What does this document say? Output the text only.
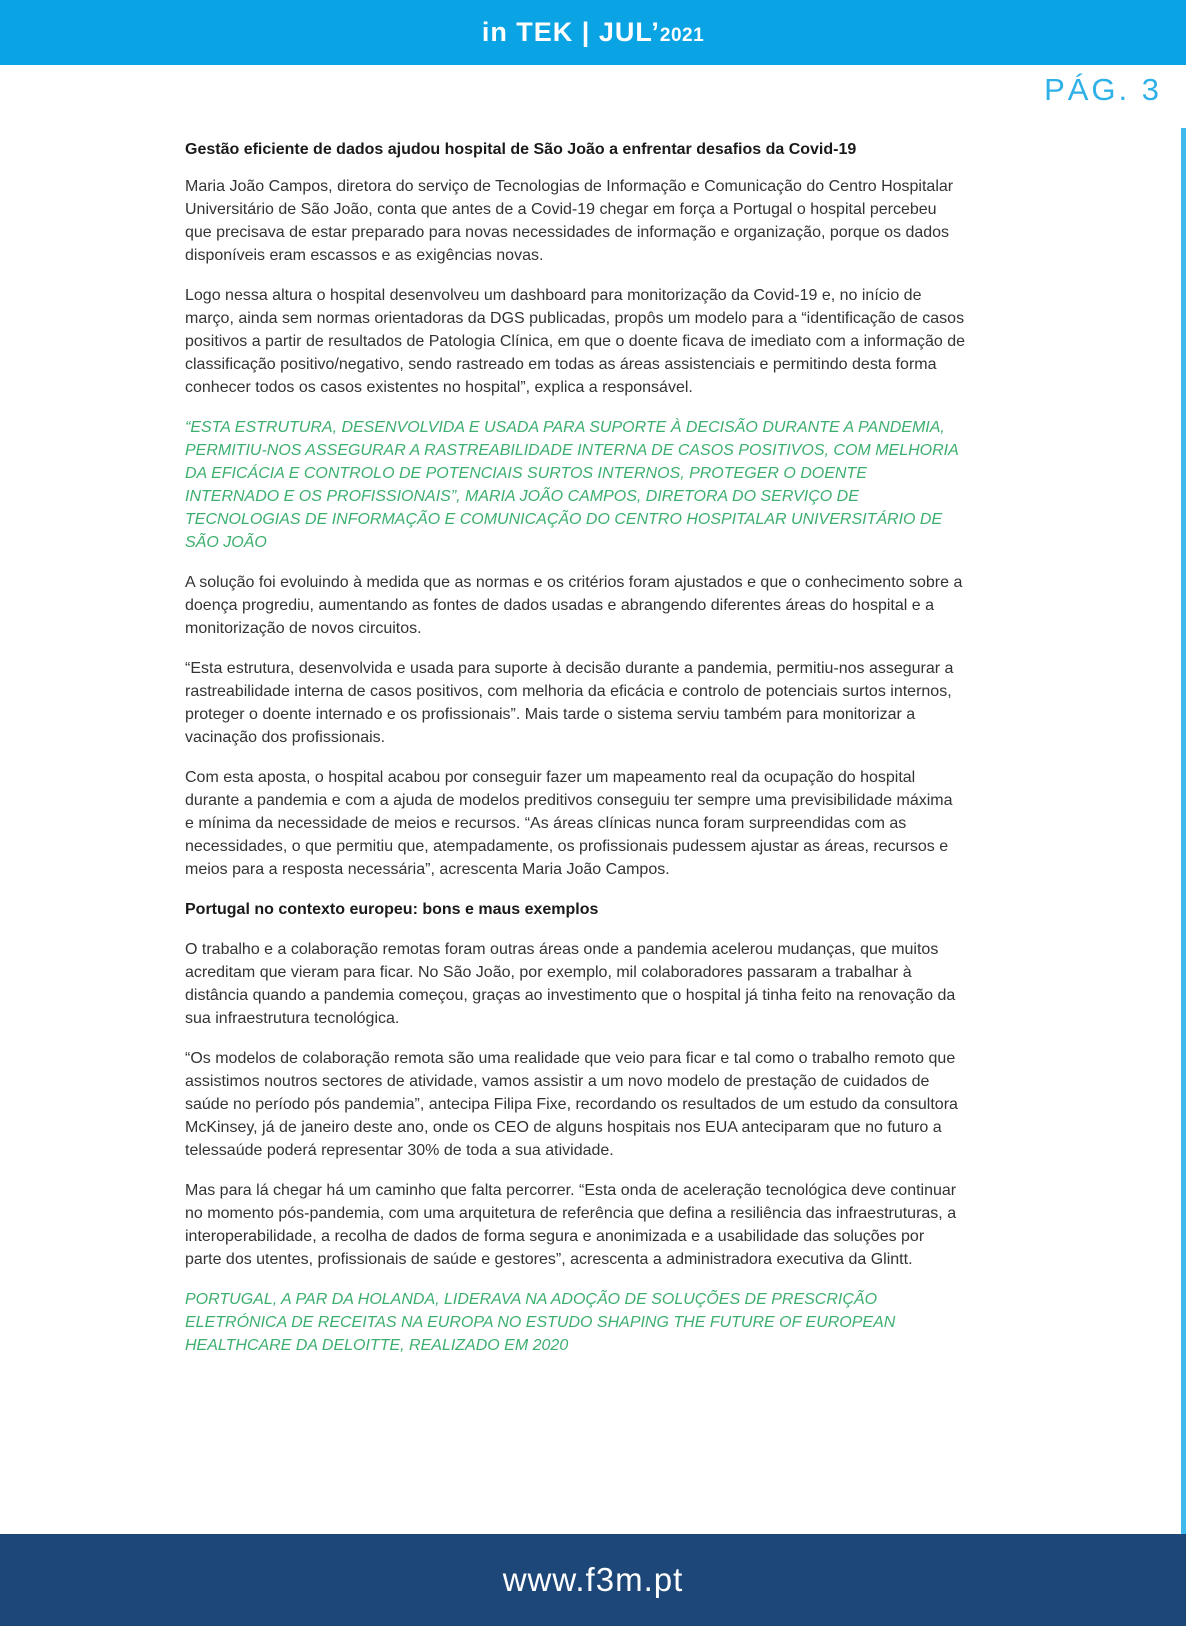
in TEK | JUL’2021
PÁG. 3
Gestão eficiente de dados ajudou hospital de São João a enfrentar desafios da Covid-19

Maria João Campos, diretora do serviço de Tecnologias de Informação e Comunicação do Centro Hospitalar Universitário de São João, conta que antes de a Covid-19 chegar em força a Portugal o hospital percebeu que precisava de estar preparado para novas necessidades de informação e organização, porque os dados disponíveis eram escassos e as exigências novas.

Logo nessa altura o hospital desenvolveu um dashboard para monitorização da Covid-19 e, no início de março, ainda sem normas orientadoras da DGS publicadas, propôs um modelo para a “identificação de casos positivos a partir de resultados de Patologia Clínica, em que o doente ficava de imediato com a informação de classificação positivo/negativo, sendo rastreado em todas as áreas assistenciais e permitindo desta forma conhecer todos os casos existentes no hospital”, explica a responsável.

“ESTA ESTRUTURA, DESENVOLVIDA E USADA PARA SUPORTE À DECISÃO DURANTE A PANDEMIA, PERMITIU-NOS ASSEGURAR A RASTREABILIDADE INTERNA DE CASOS POSITIVOS, COM MELHORIA DA EFICÁCIA E CONTROLO DE POTENCIAIS SURTOS INTERNOS, PROTEGER O DOENTE INTERNADO E OS PROFISSIONAIS”, MARIA JOÃO CAMPOS, DIRETORA DO SERVIÇO DE TECNOLOGIAS DE INFORMAÇÃO E COMUNICAÇÃO DO CENTRO HOSPITALAR UNIVERSITÁRIO DE SÃO JOÃO

A solução foi evoluindo à medida que as normas e os critérios foram ajustados e que o conhecimento sobre a doença progrediu, aumentando as fontes de dados usadas e abrangendo diferentes áreas do hospital e a monitorização de novos circuitos.

“Esta estrutura, desenvolvida e usada para suporte à decisão durante a pandemia, permitiu-nos assegurar a rastreabilidade interna de casos positivos, com melhoria da eficácia e controlo de potenciais surtos internos, proteger o doente internado e os profissionais”. Mais tarde o sistema serviu também para monitorizar a vacinação dos profissionais.

Com esta aposta, o hospital acabou por conseguir fazer um mapeamento real da ocupação do hospital durante a pandemia e com a ajuda de modelos preditivos conseguiu ter sempre uma previsibilidade máxima e mínima da necessidade de meios e recursos. “As áreas clínicas nunca foram surpreendidas com as necessidades, o que permitiu que, atempadamente, os profissionais pudessem ajustar as áreas, recursos e meios para a resposta necessária”, acrescenta Maria João Campos.

Portugal no contexto europeu: bons e maus exemplos

O trabalho e a colaboração remotas foram outras áreas onde a pandemia acelerou mudanças, que muitos acreditam que vieram para ficar. No São João, por exemplo, mil colaboradores passaram a trabalhar à distância quando a pandemia começou, graças ao investimento que o hospital já tinha feito na renovação da sua infraestrutura tecnológica.

“Os modelos de colaboração remota são uma realidade que veio para ficar e tal como o trabalho remoto que assistimos noutros sectores de atividade, vamos assistir a um novo modelo de prestação de cuidados de saúde no período pós pandemia”, antecipa Filipa Fixe, recordando os resultados de um estudo da consultora McKinsey, já de janeiro deste ano, onde os CEO de alguns hospitais nos EUA anteciparam que no futuro a telessaúde poderá representar 30% de toda a sua atividade.

Mas para lá chegar há um caminho que falta percorrer. “Esta onda de aceleração tecnológica deve continuar no momento pós-pandemia, com uma arquitetura de referência que defina a resiliência das infraestruturas, a interoperabilidade, a recolha de dados de forma segura e anonimizada e a usabilidade das soluções por parte dos utentes, profissionais de saúde e gestores”, acrescenta a administradora executiva da Glintt.

PORTUGAL, A PAR DA HOLANDA, LIDERAVA NA ADOÇÃO DE SOLUÇÕES DE PRESCRIÇÃO ELETRÓNICA DE RECEITAS NA EUROPA NO ESTUDO SHAPING THE FUTURE OF EUROPEAN HEALTHCARE DA DELOITTE, REALIZADO EM 2020

www.f3m.pt
